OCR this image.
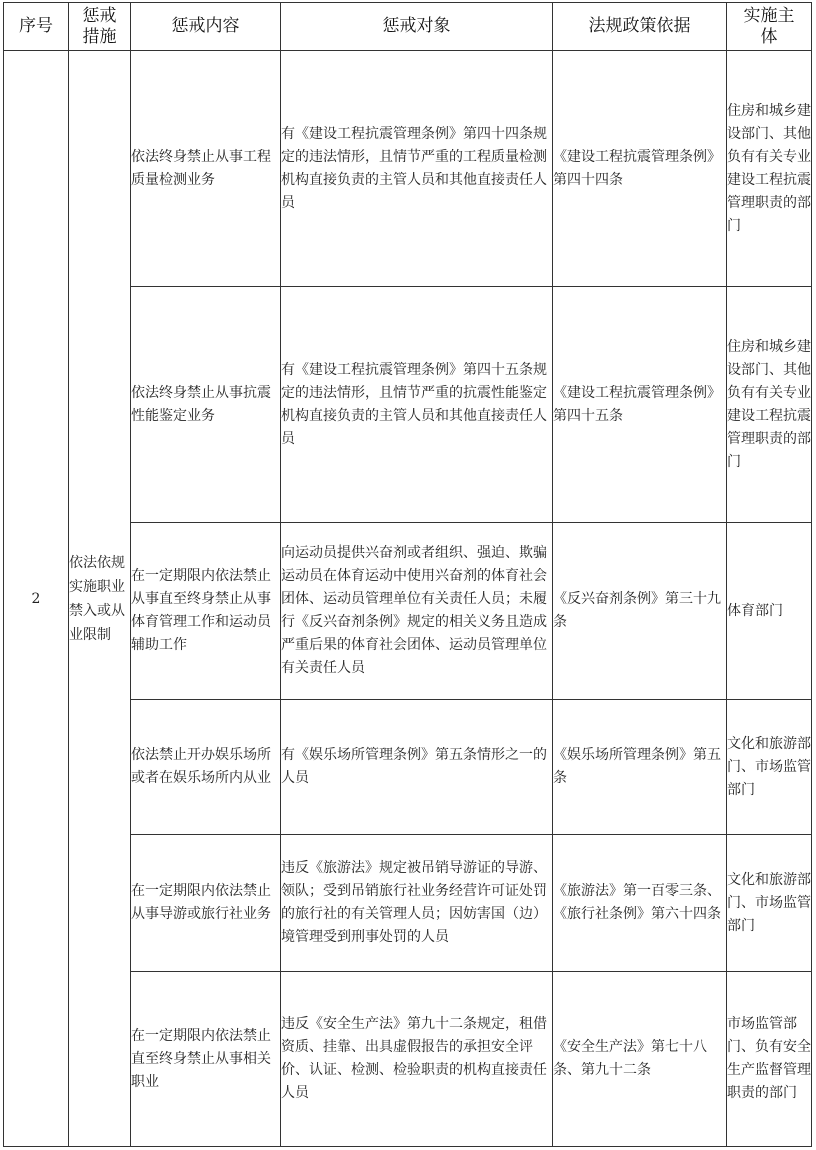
序号	惩戒措施	惩戒内容	惩戒对象	法规政策依据	实施主体
2	依法依规实施职业禁入或从业限制	依法终身禁止从事工程质量检测业务	有《建设工程抗震管理条例》第四十四条规定的违法情形，且情节严重的工程质量检测机构直接负责的主管人员和其他直接责任人员	《建设工程抗震管理条例》第四十四条	住房和城乡建设部门、其他负有有关专业建设工程抗震管理职责的部门
		依法终身禁止从事抗震性能鉴定业务	有《建设工程抗震管理条例》第四十五条规定的违法情形，且情节严重的抗震性能鉴定机构直接负责的主管人员和其他直接责任人员	《建设工程抗震管理条例》第四十五条	住房和城乡建设部门、其他负有有关专业建设工程抗震管理职责的部门
		在一定期限内依法禁止从事直至终身禁止从事体育管理工作和运动员辅助工作	向运动员提供兴奋剂或者组织、强迫、欺骗运动员在体育运动中使用兴奋剂的体育社会团体、运动员管理单位有关责任人员；未履行《反兴奋剂条例》规定的相关义务且造成严重后果的体育社会团体、运动员管理单位有关责任人员	《反兴奋剂条例》第三十九条	体育部门
		依法禁止开办娱乐场所或者在娱乐场所内从业	有《娱乐场所管理条例》第五条情形之一的人员	《娱乐场所管理条例》第五条	文化和旅游部门、市场监管部门
		在一定期限内依法禁止从事导游或旅行社业务	违反《旅游法》规定被吊销导游证的导游、领队；受到吊销旅行社业务经营许可证处罚的旅行社的有关管理人员；因妨害国（边）境管理受到刑事处罚的人员	《旅游法》第一百零三条、《旅行社条例》第六十四条	文化和旅游部门、市场监管部门
		在一定期限内依法禁止直至终身禁止从事相关职业	违反《安全生产法》第九十二条规定，租借资质、挂靠、出具虚假报告的承担安全评价、认证、检测、检验职责的机构直接责任人员	《安全生产法》第七十八条、第九十二条	市场监管部门、负有安全生产监督管理职责的部门
